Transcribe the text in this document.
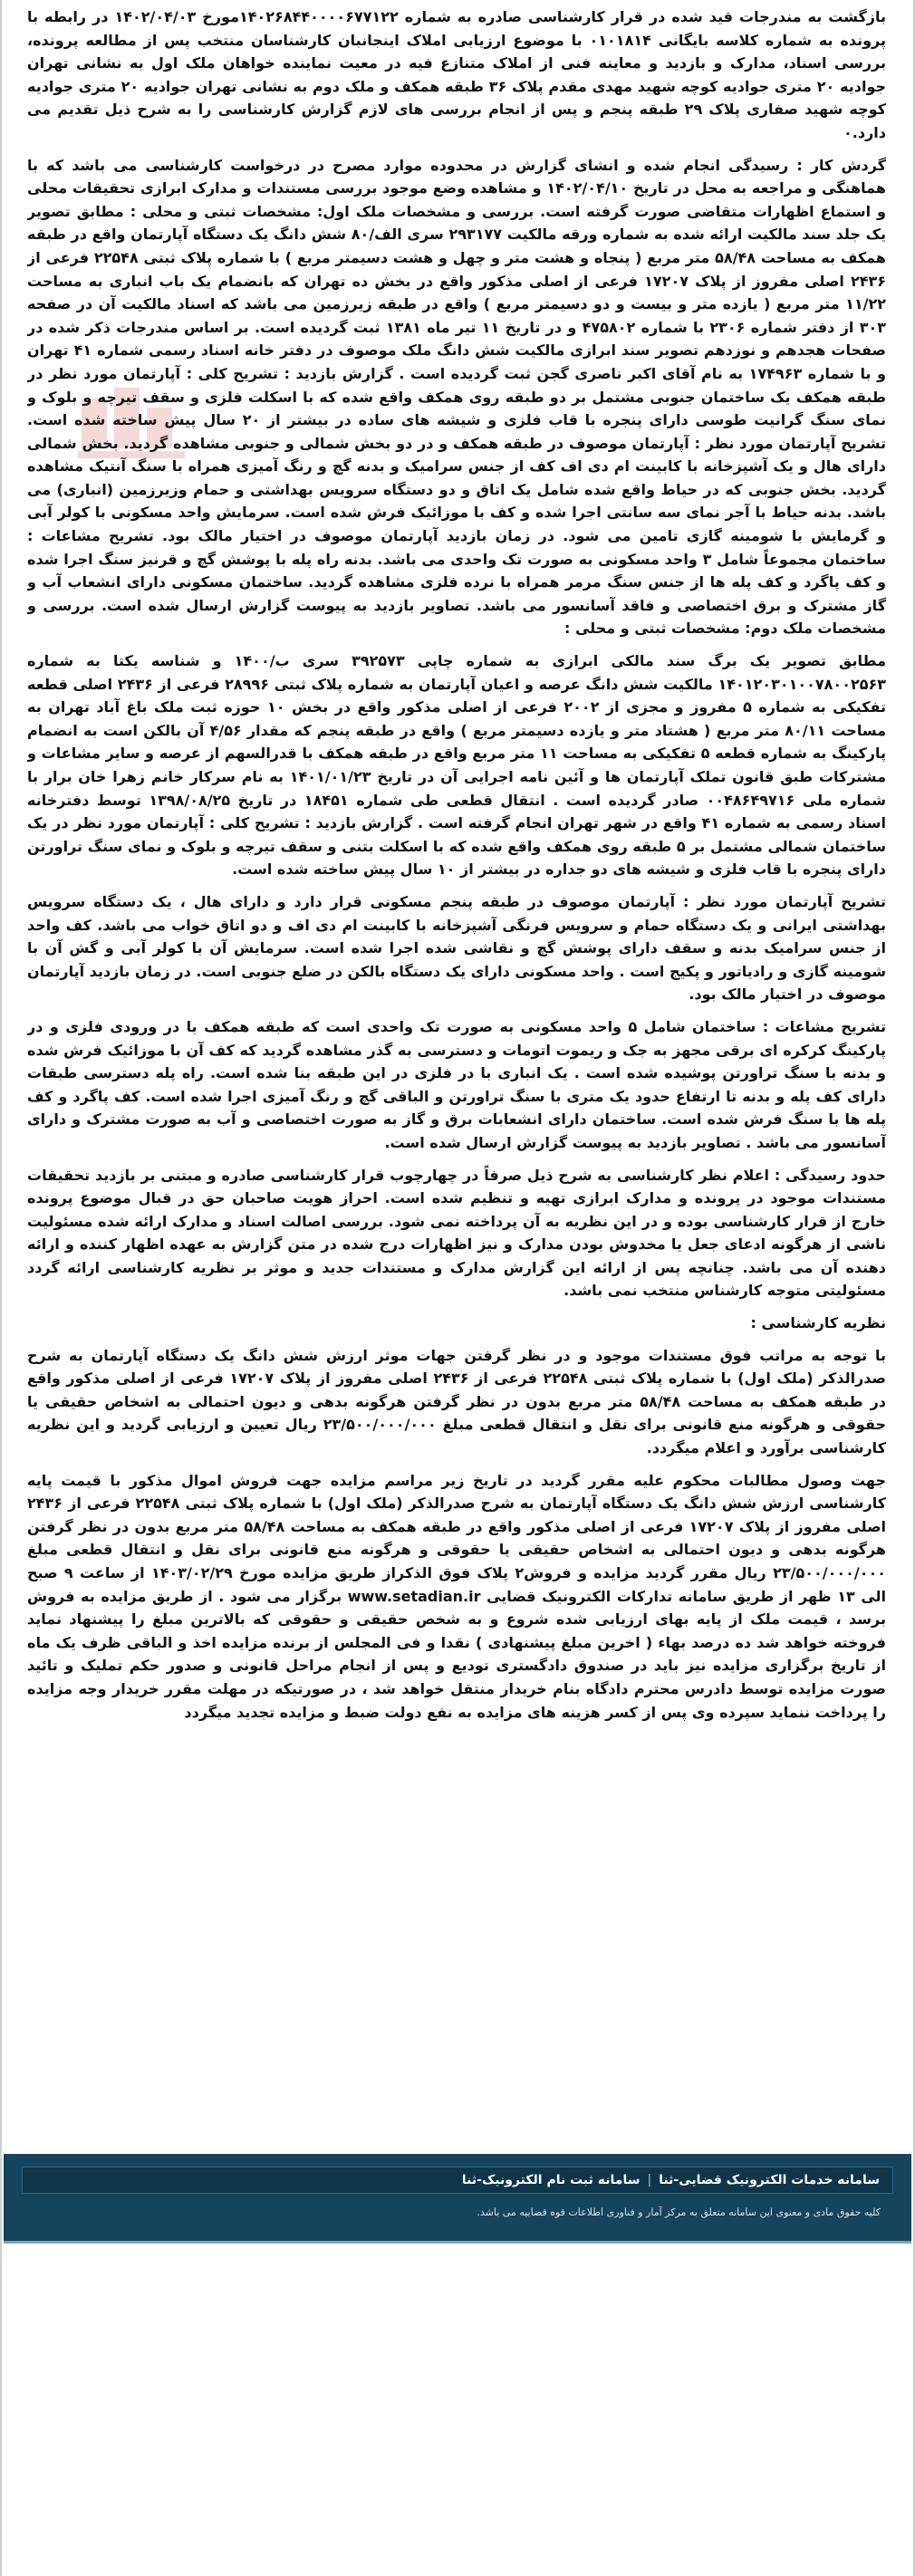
بازگشت به مندرجات قید شده در قرار کارشناسی صادره به شماره ۱۴۰۲۶۸۴۴۰۰۰۰۶۷۷۱۲۲مورخ ۱۴۰۲/۰۴/۰۳ در رابطه با پرونده به شماره کلاسه بایگانی ۰۱۰۱۸۱۴ با موضوع ارزیابی املاک اینجانبان کارشناسان منتخب پس از مطالعه پرونده، بررسی اسناد، مدارک و بازدید و معاینه فنی از املاک متنازع فیه در معیت نماینده خواهان ملک اول به نشانی تهران جوادیه ۲۰ متری جوادیه کوچه شهید مهدی مقدم پلاک ۳۶ طبقه همکف و ملک دوم به نشانی تهران جوادیه ۲۰ متری جوادیه کوچه شهید صفاری پلاک ۲۹ طبقه پنجم و پس از انجام بررسی های لازم گزارش کارشناسی را به شرح ذیل تقدیم می دارد.۰

گردش کار : رسیدگی انجام شده و انشای گزارش در محدوده موارد مصرح در درخواست کارشناسی می باشد که با هماهنگی و مراجعه به محل در تاریخ ۱۴۰۲/۰۴/۱۰ و مشاهده وضع موجود بررسی مستندات و مدارک ابرازی تحقیقات محلی و استماع اظهارات متقاضی صورت گرفته است. بررسی و مشخصات ملک اول: مشخصات ثبتی و محلی : مطابق تصویر یک جلد سند مالکیت ارائه شده به شماره ورقه مالکیت ۲۹۳۱۷۷ سری الف/۸۰ شش دانگ یک دستگاه آپارتمان واقع در طبقه همکف به مساحت ۵۸/۴۸ متر مربع ( پنجاه و هشت متر و چهل و هشت دسیمتر مربع ) با شماره پلاک ثبتی ۲۲۵۴۸ فرعی از ۲۴۳۶ اصلی مفروز از پلاک ۱۷۲۰۷ فرعی از اصلی مذکور واقع در بخش ده تهران که بانضمام یک باب انباری به مساحت ۱۱/۲۲ متر مربع ( یازده متر و بیست و دو دسیمتر مربع ) واقع در طبقه زیرزمین می باشد که اسناد مالکیت آن در صفحه ۳۰۳ از دفتر شماره ۲۳۰۶ با شماره ۴۷۵۸۰۲ و در تاریخ ۱۱ تیر ماه ۱۳۸۱ ثبت گردیده است. بر اساس مندرجات ذکر شده در صفحات هجدهم و نوزدهم تصویر سند ابرازی مالکیت شش دانگ ملک موصوف در دفتر خانه اسناد رسمی شماره ۴۱ تهران و با شماره ۱۷۴۹۶۳ به نام آقای اکبر ناصری گجن ثبت گردیده است . گزارش بازدید : تشریح کلی : آپارتمان مورد نظر در طبقه همکف یک ساختمان جنوبی مشتمل بر دو طبقه روی همکف واقع شده که با اسکلت فلزی و سقف تیرچه و بلوک و نمای سنگ گرانیت طوسی دارای پنجره با قاب فلزی و شیشه های ساده در بیشتر از ۲۰ سال پیش ساخته شده است. تشریح آپارتمان مورد نظر : آپارتمان موصوف در طبقه همکف و در دو بخش شمالی و جنوبی مشاهده گردید. بخش شمالی دارای هال و یک آشپزخانه با کابینت ام دی اف کف از جنس سرامیک و بدنه گچ و رنگ آمیزی همراه با سنگ آنتیک مشاهده گردید. بخش جنوبی که در حیاط واقع شده شامل یک اتاق و دو دستگاه سرویس بهداشتی و حمام وزیرزمین (انباری) می باشد. بدنه حیاط با آجر نمای سه سانتی اجرا شده و کف با موزائیک فرش شده است. سرمایش واحد مسکونی با کولر آبی و گرمایش با شومینه گازی تامین می شود. در زمان بازدید آپارتمان موصوف در اختیار مالک بود. تشریح مشاعات : ساختمان مجموعاً شامل ۳ واحد مسکونی به صورت تک واحدی می باشد. بدنه راه پله با پوشش گچ و قرنیز سنگ اجرا شده و کف پاگرد و کف پله ها از جنس سنگ مرمر همراه با نرده فلزی مشاهده گردید. ساختمان مسکونی دارای انشعاب آب و گاز مشترک و برق اختصاصی و فاقد آسانسور می باشد. تصاویر بازدید به پیوست گزارش ارسال شده است. بررسی و مشخصات ملک دوم: مشخصات ثبتی و محلی :

مطابق تصویر یک برگ سند مالکی ابرازی به شماره چاپی ۳۹۲۵۷۳ سری ب/۱۴۰۰ و شناسه یکتا به شماره ۱۴۰۱۲۰۳۰۱۰۰۷۸۰۰۲۵۶۳ مالکیت شش دانگ عرصه و اعیان آپارتمان به شماره پلاک ثبتی ۲۸۹۹۶ فرعی از ۲۴۳۶ اصلی قطعه تفکیکی به شماره ۵ مفروز و مجزی از ۲۰۰۲ فرعی از اصلی مذکور واقع در بخش ۱۰ حوزه ثبت ملک باغ آباد تهران به مساحت ۸۰/۱۱ متر مربع ( هشتاد متر و یازده دسیمتر مربع ) واقع در طبقه پنجم که مقدار ۴/۵۶ آن بالکن است به انضمام پارکینگ به شماره قطعه ۵ تفکیکی به مساحت ۱۱ متر مربع واقع در طبقه همکف با قدرالسهم از عرصه و سایر مشاعات و مشترکات طبق قانون تملک آپارتمان ها و آئین نامه اجرایی آن در تاریخ ۱۴۰۱/۰۱/۲۳ به نام سرکار خانم زهرا خان برار با شماره ملی ۰۰۴۸۶۴۹۷۱۶ صادر گردیده است . انتقال قطعی طی شماره ۱۸۴۵۱ در تاریخ ۱۳۹۸/۰۸/۲۵ توسط دفترخانه اسناد رسمی به شماره ۴۱ واقع در شهر تهران انجام گرفته است . گزارش بازدید : تشریح کلی : آپارتمان مورد نظر در یک ساختمان شمالی مشتمل بر ۵ طبقه روی همکف واقع شده که با اسکلت بتنی و سقف تیرچه و بلوک و نمای سنگ تراورتن دارای پنجره با قاب فلزی و شیشه های دو جداره در بیشتر از ۱۰ سال پیش ساخته شده است.

تشریح آپارتمان مورد نظر : آپارتمان موصوف در طبقه پنجم مسکونی قرار دارد و دارای هال ، یک دستگاه سرویس بهداشتی ایرانی و یک دستگاه حمام و سرویس فرنگی آشپزخانه با کابینت ام دی اف و دو اتاق خواب می باشد. کف واحد از جنس سرامیک بدنه و سقف دارای پوشش گچ و نقاشی شده اجرا شده است. سرمایش آن با کولر آبی و گش آن با شومینه گازی و رادیاتور و پکیج است . واحد مسکونی دارای یک دستگاه بالکن در ضلع جنوبی است. در زمان بازدید آپارتمان موصوف در اختیار مالک بود.

تشریح مشاعات : ساختمان شامل ۵ واحد مسکونی به صورت تک واحدی است که طبقه همکف با در ورودی فلزی و در پارکینگ کرکره ای برقی مجهز به جک و ریموت اتومات و دسترسی به گذر مشاهده گردید که کف آن با موزائیک فرش شده و بدنه با سنگ تراورتن پوشیده شده است . یک انباری با در فلزی در این طبقه بنا شده است. راه پله دسترسی طبقات دارای کف پله و بدنه تا ارتفاع حدود یک متری با سنگ تراورتن و الباقی گچ و رنگ آمیزی اجرا شده است. کف پاگرد و کف پله ها با سنگ فرش شده است. ساختمان دارای انشعابات برق و گاز به صورت اختصاصی و آب به صورت مشترک و دارای آسانسور می باشد . تصاویر بازدید به پیوست گزارش ارسال شده است.

حدود رسیدگی : اعلام نظر کارشناسی به شرح ذیل صرفاً در چهارچوب قرار کارشناسی صادره و مبتنی بر بازدید تحقیقات مستندات موجود در پرونده و مدارک ابرازی تهیه و تنظیم شده است. احراز هویت صاحبان حق در قبال موضوع پرونده خارج از قرار کارشناسی بوده و در این نظریه به آن پرداخته نمی شود. بررسی اصالت اسناد و مدارک ارائه شده مسئولیت ناشی از هرگونه ادعای جعل یا مخدوش بودن مدارک و نیز اظهارات درج شده در متن گزارش به عهده اظهار کننده و ارائه دهنده آن می باشد. چنانچه پس از ارائه این گزارش مدارک و مستندات جدید و موثر بر نظریه کارشناسی ارائه گردد مسئولیتی متوجه کارشناس منتخب نمی باشد.

نظریه کارشناسی :

با توجه به مراتب فوق مستندات موجود و در نظر گرفتن جهات موثر ارزش شش دانگ یک دستگاه آپارتمان به شرح صدرالذکر (ملک اول) با شماره پلاک ثبتی ۲۲۵۴۸ فرعی از ۲۴۳۶ اصلی مفروز از پلاک ۱۷۲۰۷ فرعی از اصلی مذکور واقع در طبقه همکف به مساحت ۵۸/۴۸ متر مربع بدون در نظر گرفتن هرگونه بدهی و دیون احتمالی به اشخاص حقیقی یا حقوقی و هرگونه منع قانونی برای نقل و انتقال قطعی مبلغ ۲۳/۵۰۰/۰۰۰/۰۰۰ ریال تعیین و ارزیابی گردید و این نظریه کارشناسی برآورد و اعلام میگردد.

جهت وصول مطالبات محکوم علیه مقرر گردید در تاریخ زیر مراسم مزایده جهت فروش اموال مذکور با قیمت پایه کارشناسی ارزش شش دانگ یک دستگاه آپارتمان به شرح صدرالذکر (ملک اول) با شماره پلاک ثبتی ۲۲۵۴۸ فرعی از ۲۴۳۶ اصلی مفروز از پلاک ۱۷۲۰۷ فرعی از اصلی مذکور واقع در طبقه همکف به مساحت ۵۸/۴۸ متر مربع بدون در نظر گرفتن هرگونه بدهی و دیون احتمالی به اشخاص حقیقی یا حقوقی و هرگونه منع قانونی برای نقل و انتقال قطعی مبلغ ۲۳/۵۰۰/۰۰۰/۰۰۰ ریال مقرر گردید مزایده و فروش۲ پلاک فوق الذکراز طریق مزایده مورخ ۱۴۰۳/۰۲/۲۹ از ساعت ۹ صبح الی ۱۳ ظهر از طریق سامانه تدارکات الکترونیک قضایی www.setadian.ir برگزار می شود . از طریق مزایده به فروش برسد ، قیمت ملک از پایه بهای ارزیابی شده شروع و به شخص حقیقی و حقوقی که بالاترین مبلغ را پیشنهاد نماید فروخته خواهد شد ده درصد بهاء ( اخرین مبلغ پیشنهادی ) نقدا و فی المجلس از برنده مزایده اخذ و الباقی ظرف یک ماه از تاریخ برگزاری مزایده نیز باید در صندوق دادگستری تودیع و پس از انجام مراحل قانونی و صدور حکم تملیک و تائید صورت مزایده توسط دادرس محترم دادگاه بنام خریدار منتقل خواهد شد ، در صورتیکه در مهلت مقرر خریدار وجه مزایده را پرداخت ننماید سپرده وی پس از کسر هزینه های مزایده به نفع دولت ضبط و مزایده تجدید میگردد

سامانه خدمات الکترونیک قضایی-ثنا
|
سامانه ثبت نام الکترونیک-ثنا
کلیه حقوق مادی و معنوی این سامانه متعلق به مرکز آمار و فناوری اطلاعات قوه قضاییه می باشد.
